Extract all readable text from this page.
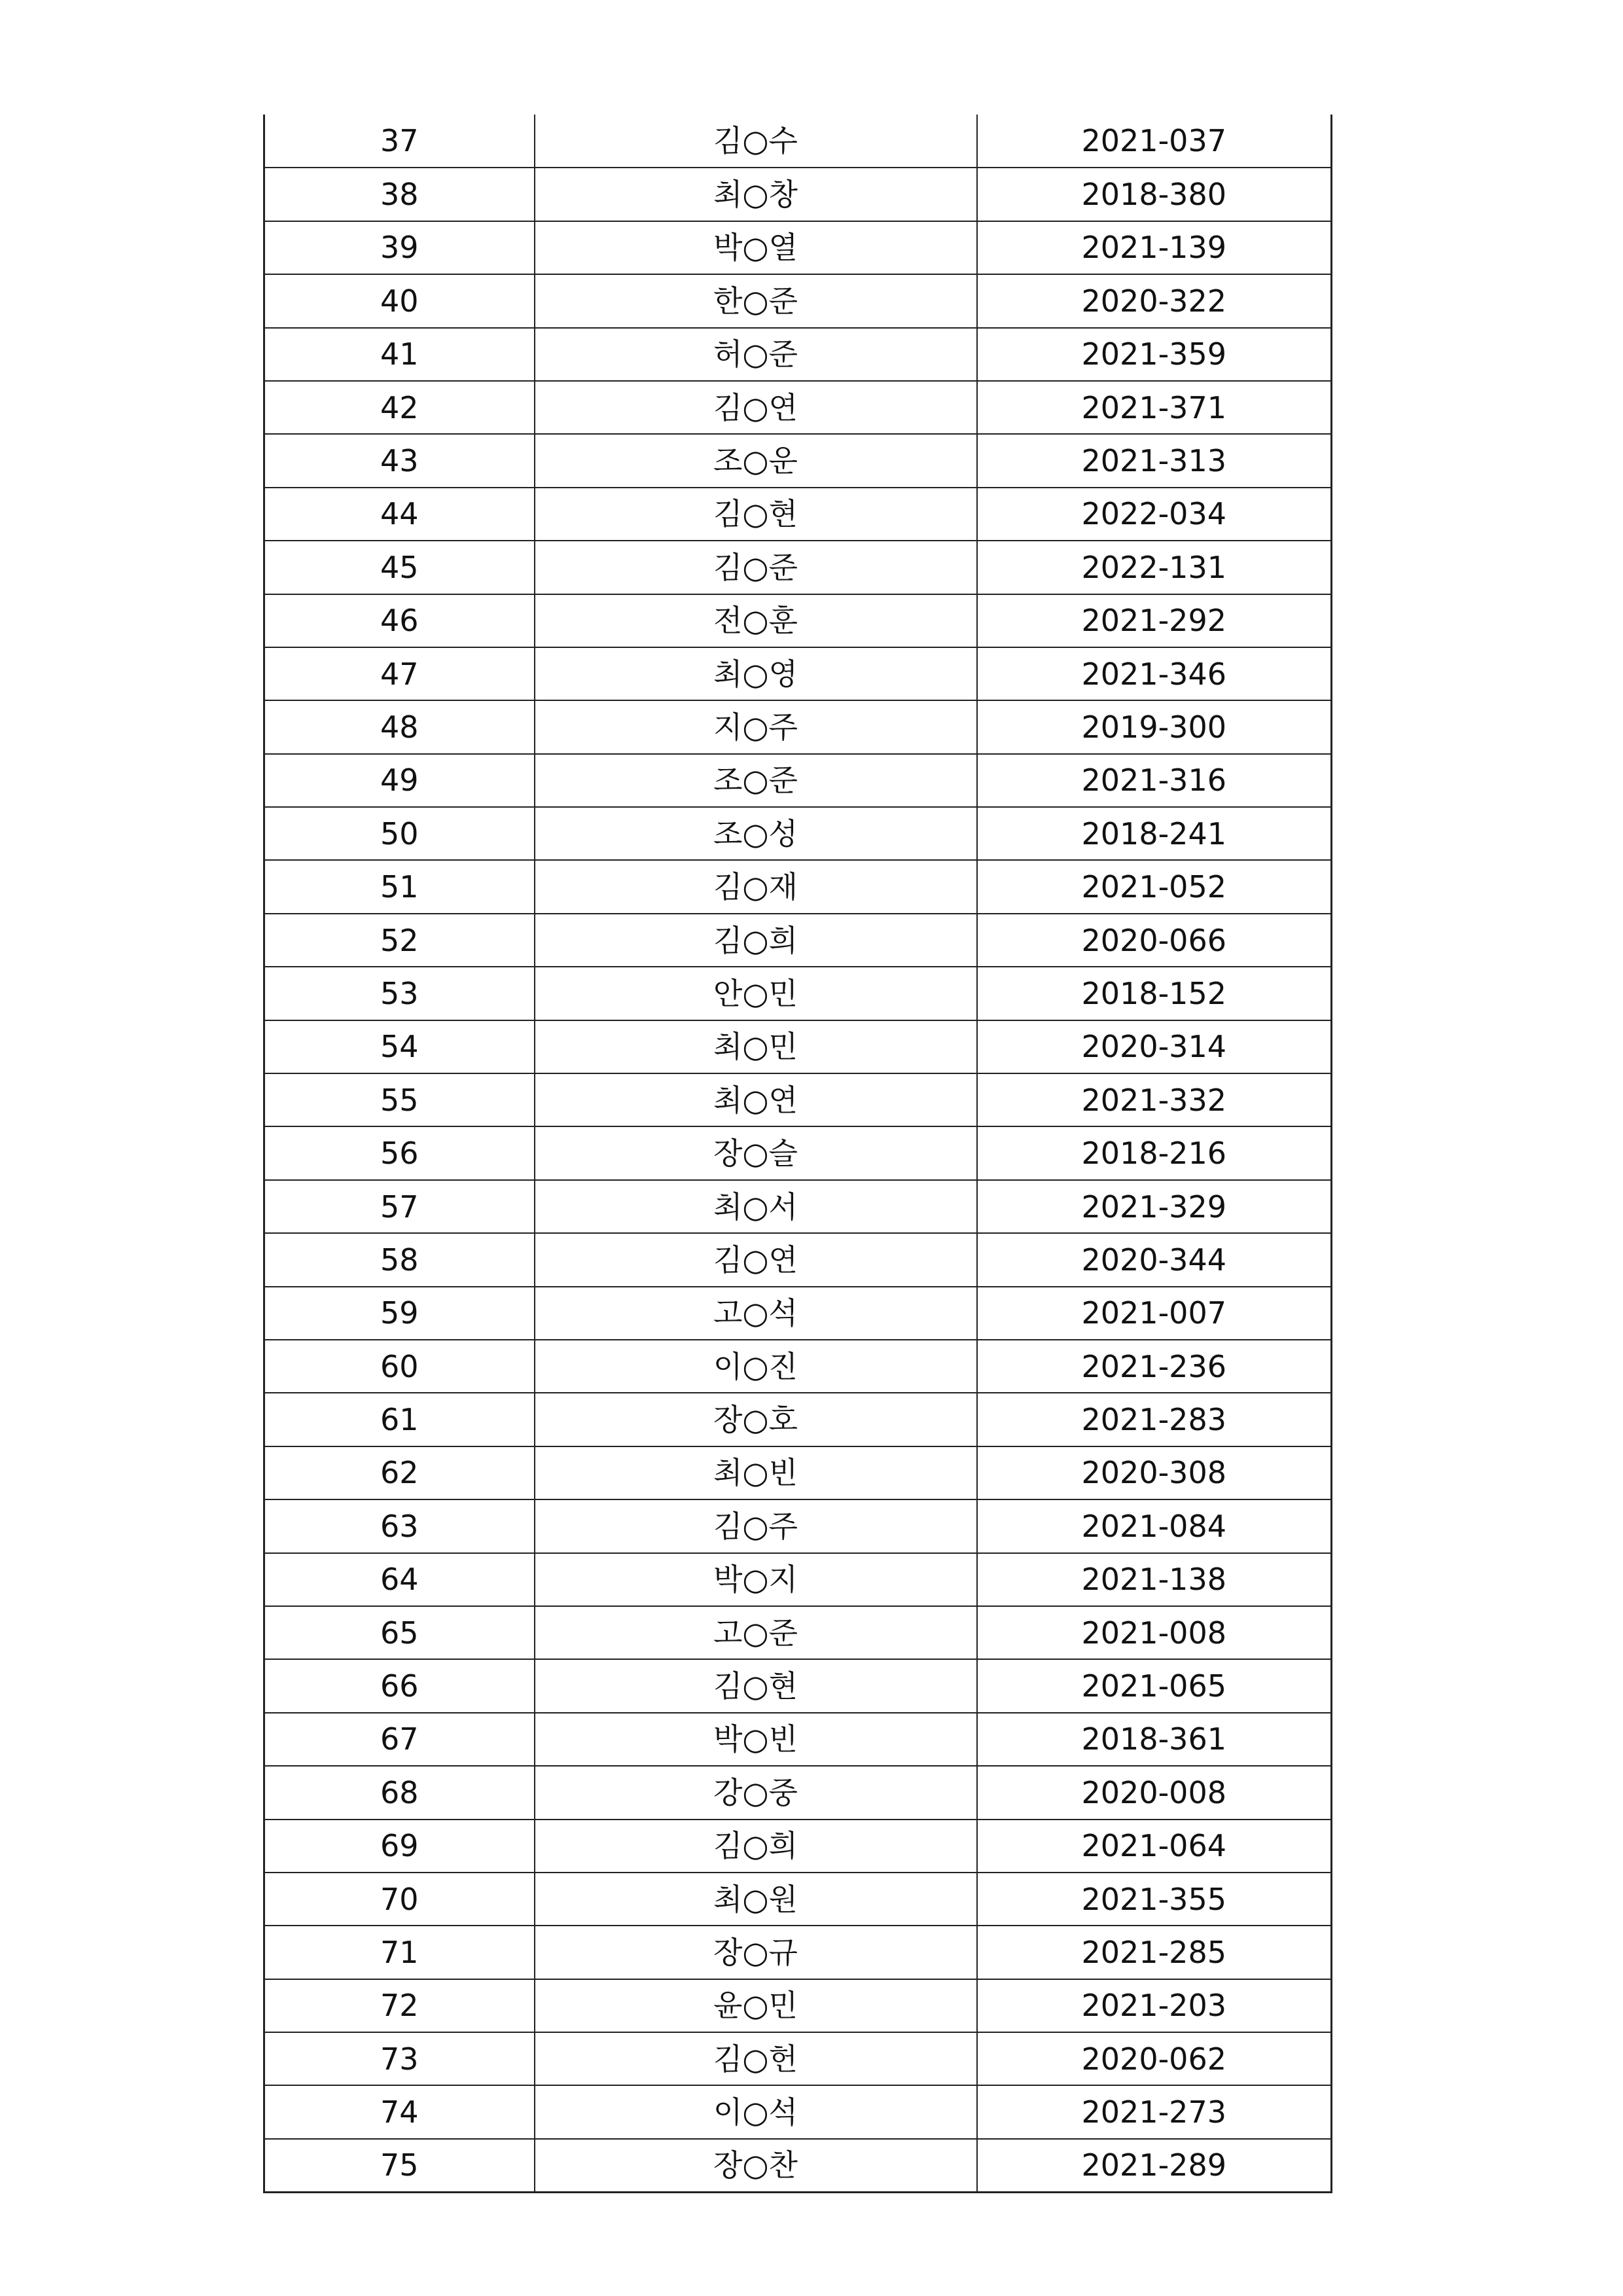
37	김○수	2021-037
38	최○창	2018-380
39	박○열	2021-139
40	한○준	2020-322
41	허○준	2021-359
42	김○연	2021-371
43	조○운	2021-313
44	김○현	2022-034
45	김○준	2022-131
46	전○훈	2021-292
47	최○영	2021-346
48	지○주	2019-300
49	조○준	2021-316
50	조○성	2018-241
51	김○재	2021-052
52	김○희	2020-066
53	안○민	2018-152
54	최○민	2020-314
55	최○연	2021-332
56	장○슬	2018-216
57	최○서	2021-329
58	김○연	2020-344
59	고○석	2021-007
60	이○진	2021-236
61	장○호	2021-283
62	최○빈	2020-308
63	김○주	2021-084
64	박○지	2021-138
65	고○준	2021-008
66	김○현	2021-065
67	박○빈	2018-361
68	강○중	2020-008
69	김○희	2021-064
70	최○원	2021-355
71	장○규	2021-285
72	윤○민	2021-203
73	김○헌	2020-062
74	이○석	2021-273
75	장○찬	2021-289
